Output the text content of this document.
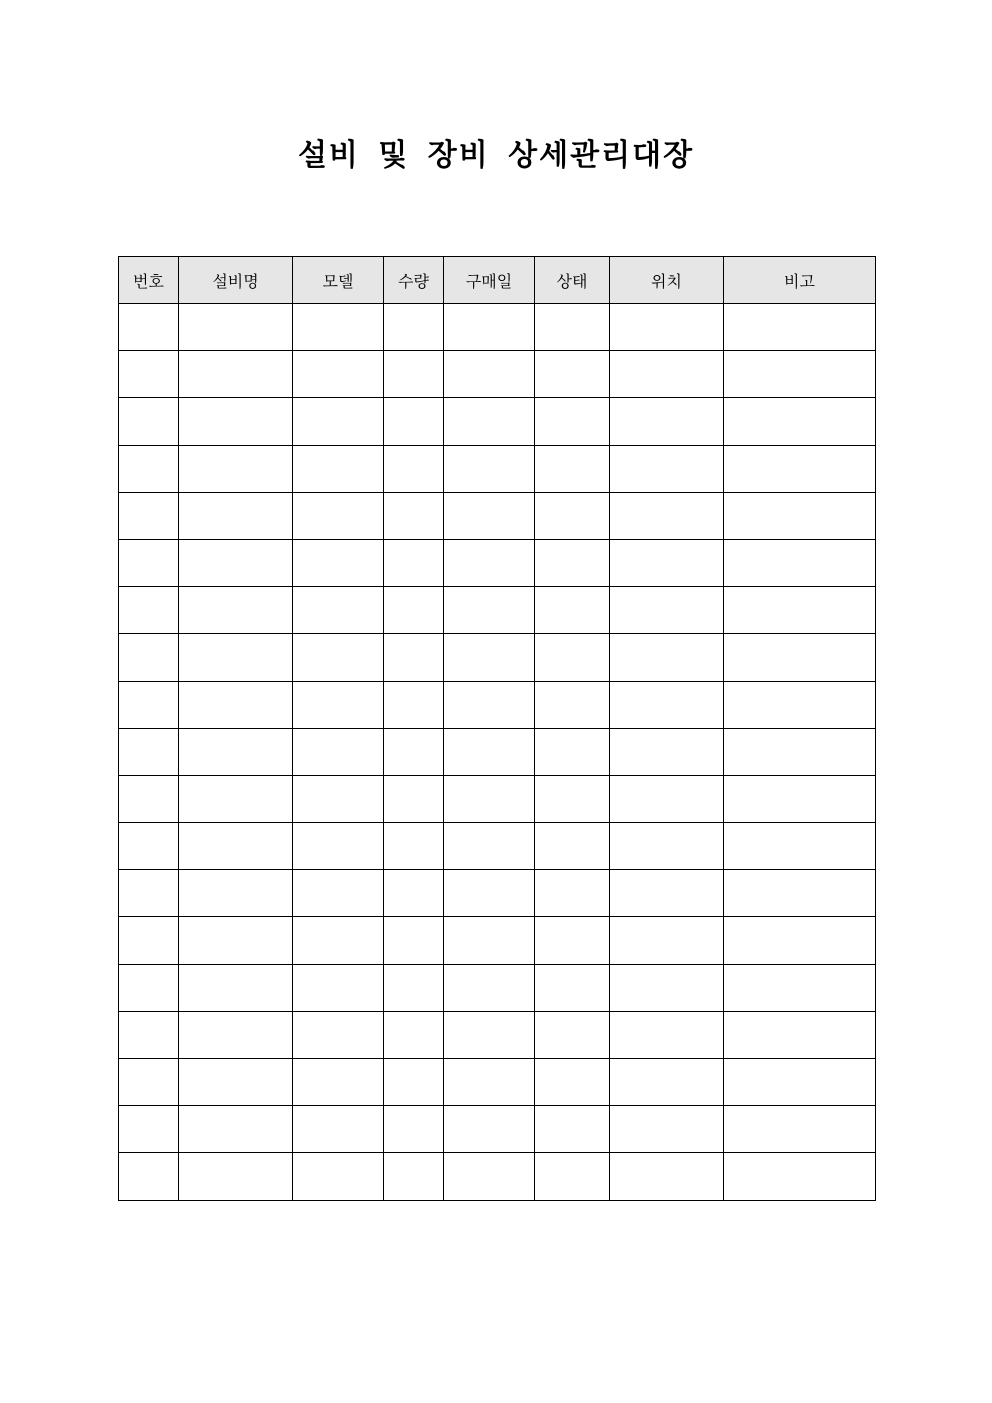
설비 및 장비 상세관리대장
번호	설비명	모델	수량	구매일	상태	위치	비고
